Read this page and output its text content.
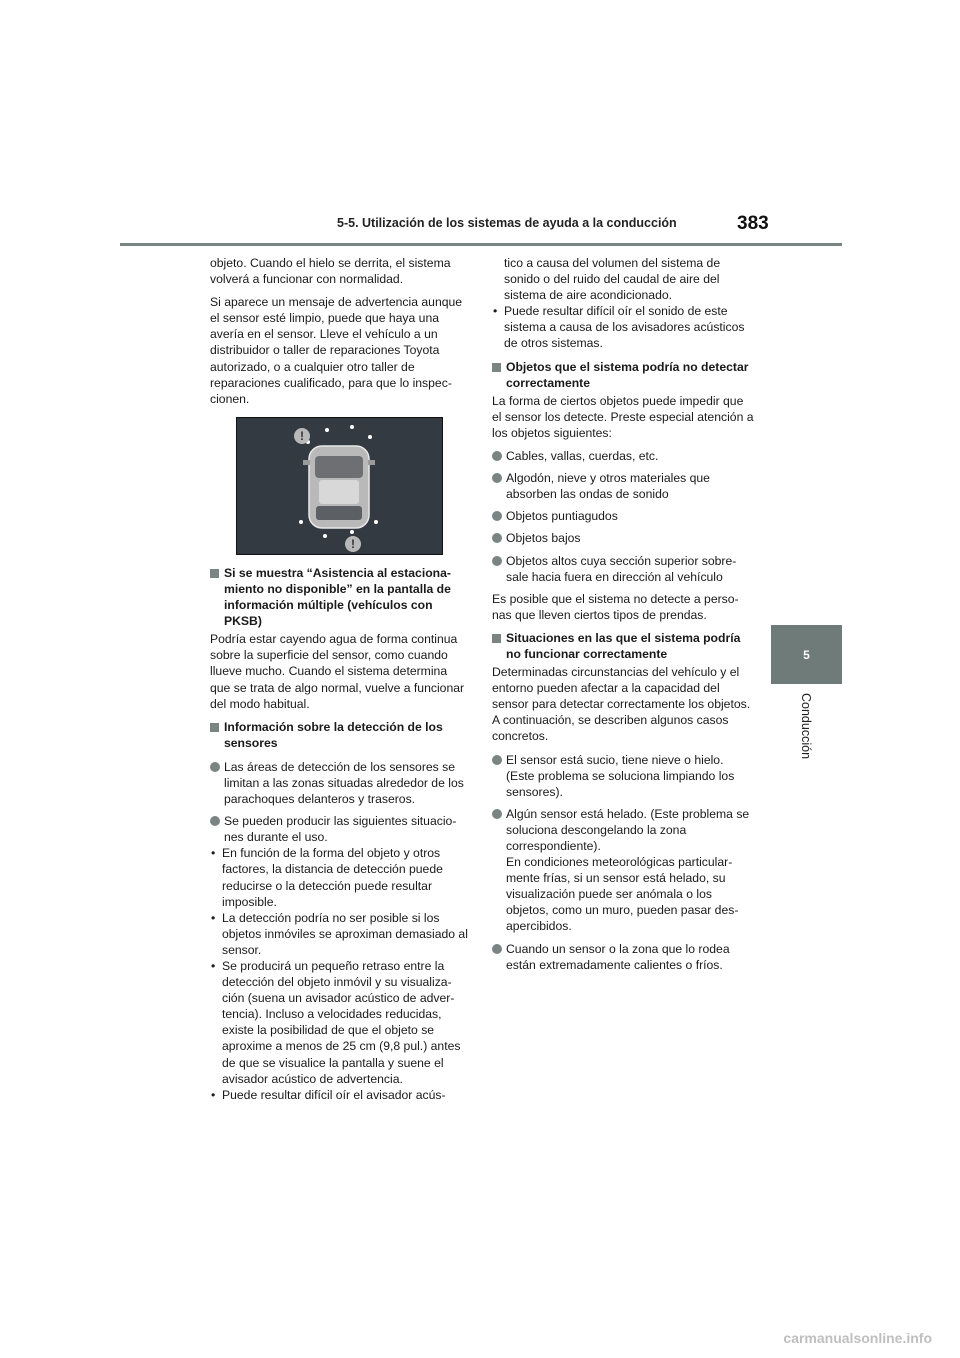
5-5. Utilización de los sistemas de ayuda a la conducción	383
5
Conducción

objeto. Cuando el hielo se derrita, el sistema volverá a funcionar con normalidad.

Si aparece un mensaje de advertencia aunque el sensor esté limpio, puede que haya una avería en el sensor. Lleve el vehículo a un distribuidor o taller de reparaciones Toyota autorizado, o a cualquier otro taller de reparaciones cualificado, para que lo inspeccionen.

!
!
Si se muestra “Asistencia al estacionamiento no disponible” en la pantalla de información múltiple (vehículos con PKSB)

Podría estar cayendo agua de forma continua sobre la superficie del sensor, como cuando llueve mucho. Cuando el sistema determina que se trata de algo normal, vuelve a funcionar del modo habitual.

Información sobre la detección de los sensores
Las áreas de detección de los sensores se limitan a las zonas situadas alrededor de los parachoques delanteros y traseros.
Se pueden producir las siguientes situaciones durante el uso.
• En función de la forma del objeto y otros factores, la distancia de detección puede reducirse o la detección puede resultar imposible.
• La detección podría no ser posible si los objetos inmóviles se aproximan demasiado al sensor.
• Se producirá un pequeño retraso entre la detección del objeto inmóvil y su visualización (suena un avisador acústico de advertencia). Incluso a velocidades reducidas, existe la posibilidad de que el objeto se aproxime a menos de 25 cm (9,8 pul.) antes de que se visualice la pantalla y suene el avisador acústico de advertencia.
• Puede resultar difícil oír el avisador acús-
tico a causa del volumen del sistema de sonido o del ruido del caudal de aire del sistema de aire acondicionado.
• Puede resultar difícil oír el sonido de este sistema a causa de los avisadores acústicos de otros sistemas.
Objetos que el sistema podría no detectar correctamente

La forma de ciertos objetos puede impedir que el sensor los detecte. Preste especial atención a los objetos siguientes:

Cables, vallas, cuerdas, etc.
Algodón, nieve y otros materiales que absorben las ondas de sonido
Objetos puntiagudos
Objetos bajos
Objetos altos cuya sección superior sobresale hacia fuera en dirección al vehículo

Es posible que el sistema no detecte a personas que lleven ciertos tipos de prendas.

Situaciones en las que el sistema podría no funcionar correctamente

Determinadas circunstancias del vehículo y el entorno pueden afectar a la capacidad del sensor para detectar correctamente los objetos. A continuación, se describen algunos casos concretos.

El sensor está sucio, tiene nieve o hielo. (Este problema se soluciona limpiando los sensores).
Algún sensor está helado. (Este problema se soluciona descongelando la zona correspondiente).
En condiciones meteorológicas particularmente frías, si un sensor está helado, su visualización puede ser anómala o los objetos, como un muro, pueden pasar desapercibidos.
Cuando un sensor o la zona que lo rodea están extremadamente calientes o fríos.
carmanualsonline.info
